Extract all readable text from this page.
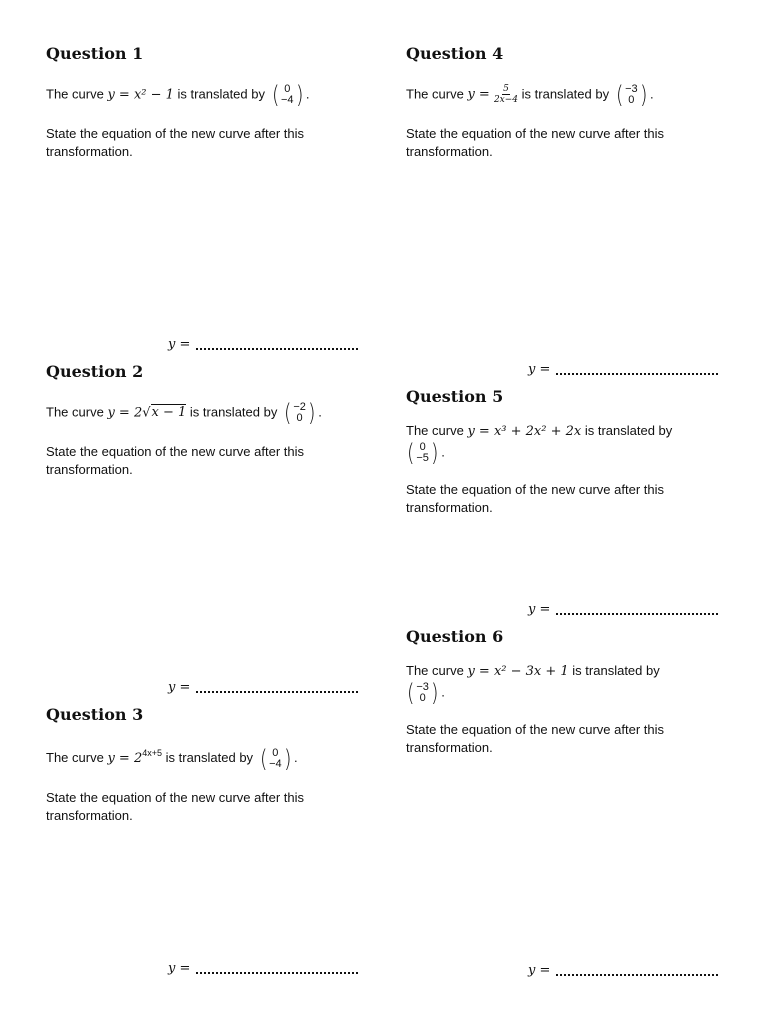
Question 1
The curve y = x² − 1 is translated by ( 0
−4 ) .
State the equation of the new curve after this transformation.
y =
Question 2
The curve y = 2√x − 1 is translated by ( −2
0 ) .
State the equation of the new curve after this transformation.
y =
Question 3
The curve $y = 2^{4x+5}$ is translated by ( 0
−4 ) .
State the equation of the new curve after this transformation.
y =
Question 4
The curve $y = \frac{5}{2x-4}$ is translated by ( −3
0 ) .
State the equation of the new curve after this transformation.
y =
Question 5
The curve y = x³ + 2x² + 2x is translated by
( 0
−5 ) .
State the equation of the new curve after this transformation.
y =
Question 6
The curve y = x² − 3x + 1 is translated by
( −3
0 ) .
State the equation of the new curve after this transformation.
y =
